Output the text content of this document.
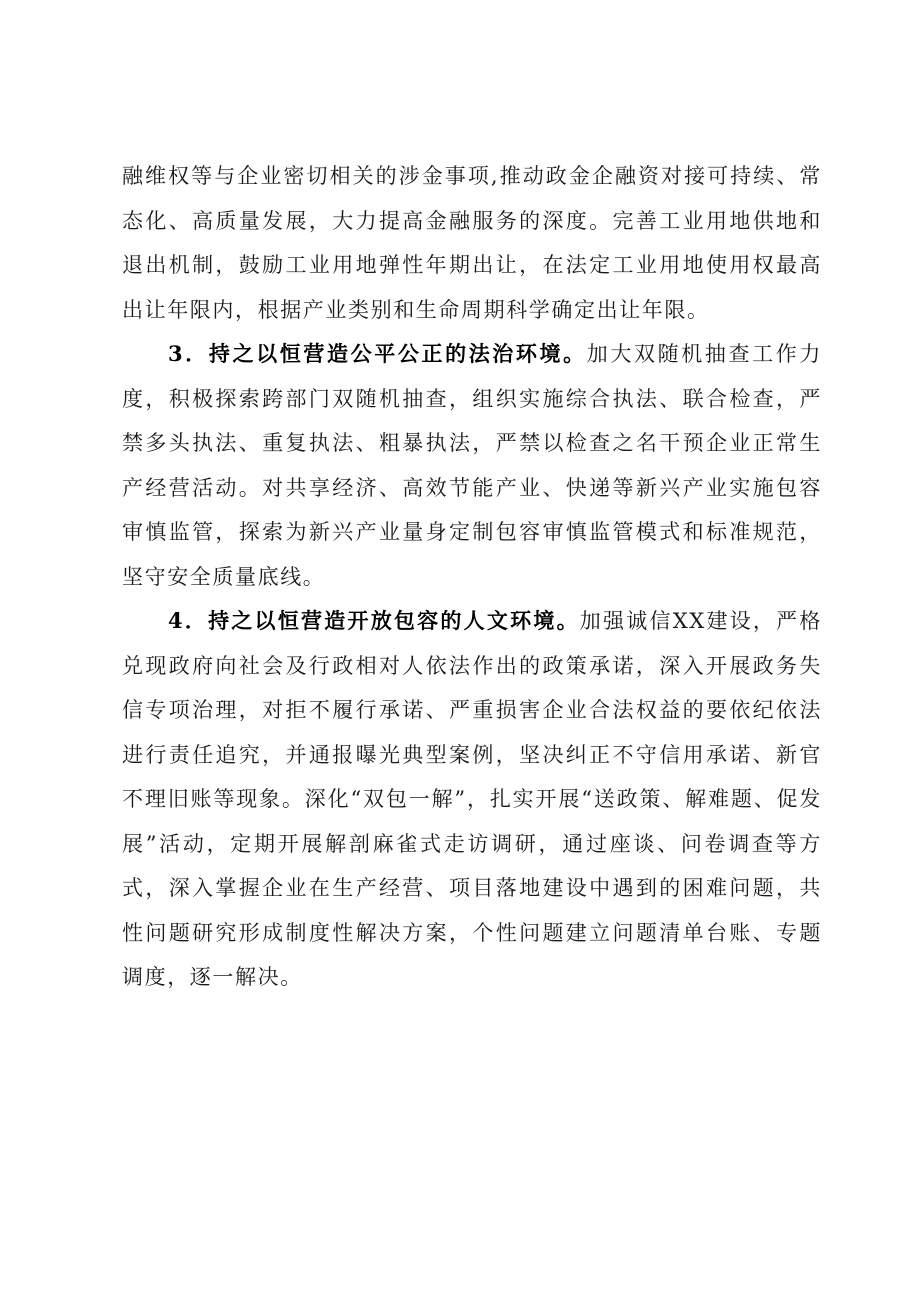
融维权等与企业密切相关的涉金事项,推动政金企融资对接可持续、常态化、高质量发展，大力提高金融服务的深度。完善工业用地供地和退出机制，鼓励工业用地弹性年期出让，在法定工业用地使用权最高出让年限内，根据产业类别和生命周期科学确定出让年限。

3．持之以恒营造公平公正的法治环境。加大双随机抽查工作力度，积极探索跨部门双随机抽查，组织实施综合执法、联合检查，严禁多头执法、重复执法、粗暴执法，严禁以检查之名干预企业正常生产经营活动。对共享经济、高效节能产业、快递等新兴产业实施包容审慎监管，探索为新兴产业量身定制包容审慎监管模式和标准规范，坚守安全质量底线。

4．持之以恒营造开放包容的人文环境。加强诚信XX建设，严格兑现政府向社会及行政相对人依法作出的政策承诺，深入开展政务失信专项治理，对拒不履行承诺、严重损害企业合法权益的要依纪依法进行责任追究，并通报曝光典型案例，坚决纠正不守信用承诺、新官不理旧账等现象。深化“双包一解”，扎实开展“送政策、解难题、促发展”活动，定期开展解剖麻雀式走访调研，通过座谈、问卷调查等方式，深入掌握企业在生产经营、项目落地建设中遇到的困难问题，共性问题研究形成制度性解决方案，个性问题建立问题清单台账、专题调度，逐一解决。
